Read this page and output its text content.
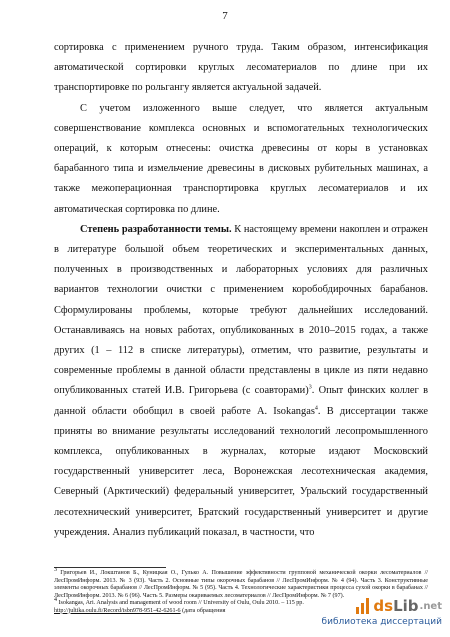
7

сортировка с применением ручного труда. Таким образом, интенсификация автоматической сортировки круглых лесоматериалов по длине при их транспортировке по рольгангу является актуальной задачей.

С учетом изложенного выше следует, что является актуальным совершенствование комплекса основных и вспомогательных технологических операций, к которым отнесены: очистка древесины от коры в установках барабанного типа и измельчение древесины в дисковых рубительных машинах, а также межоперационная транспортировка круглых лесоматериалов и их автоматическая сортировка по длине.

Степень разработанности темы. К настоящему времени накоплен и отражен в литературе большой объем теоретических и экспериментальных данных, полученных в производственных и лабораторных условиях для различных вариантов технологии очистки с применением коробобдирочных барабанов. Сформулированы проблемы, которые требуют дальнейших исследований. Останавливаясь на новых работах, опубликованных в 2010–2015 годах, а также других (1 – 112 в списке литературы), отметим, что развитие, результаты и современные проблемы в данной области представлены в цикле из пяти недавно опубликованных статей И.В. Григорьева (с соавторами)$^3$. Опыт финских коллег в данной области обобщил в своей работе A. Isokangas$^4$. В диссертации также приняты во внимание результаты исследований технологий лесопромышленного комплекса, опубликованных в журналах, которые издают Московский государственный университет леса, Воронежская лесотехническая академия, Северный (Арктический) федеральный университет, Уральский государственный лесотехнический университет, Братский государственный университет и другие учреждения. Анализ публикаций показал, в частности, что

$^3$ Григорьев И., Локштанов Б., Куницкая О., Гулько А. Повышение эффективности групповой механической окорки лесоматериалов // ЛесПромИнформ. 2013. № 3 (93). Часть 2. Основные типы окорочных барабанов // ЛесПромИнформ. № 4 (94). Часть 3. Конструктивные элементы окорочных барабанов // ЛесПромИнформ. № 5 (95). Часть 4. Технологические характеристики процесса сухой окорки в барабанах // ЛесПромИнформ. 2013. № 6 (96). Часть 5. Размеры окариваемых лесоматериалов // ЛесПромИнформ. № 7 (97).
$^4$ Isokangas, Ari. Analysis and management of wood room // University of Oulu, Oulu 2010. – 115 pp.
http://jultika.oulu.fi/Record/isbn978-951-42-6261-6 (дата обращения	ds Lib .net
библиотека диссертаций
